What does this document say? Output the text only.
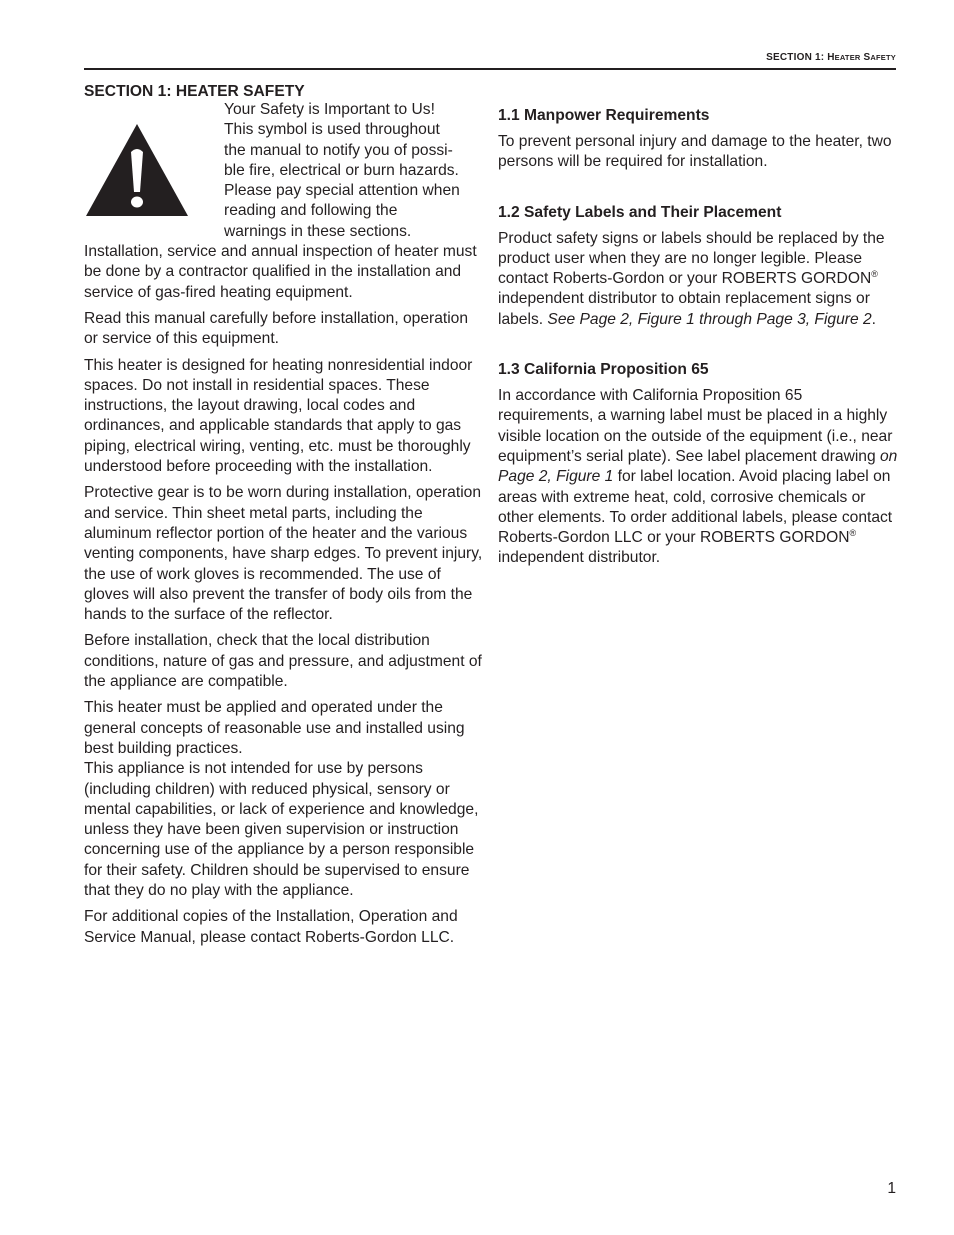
SECTION 1: HEATER SAFETY
SECTION 1: HEATER SAFETY
Your Safety is Important to Us!
This symbol is used throughout
the manual to notify you of possi-
ble fire, electrical or burn hazards.
Please pay special attention when
reading and following the
warnings in these sections.

Installation, service and annual inspection of heater must be done by a contractor qualified in the installation and service of gas-fired heating equipment.

Read this manual carefully before installation, operation or service of this equipment.

This heater is designed for heating nonresidential indoor spaces. Do not install in residential spaces. These instructions, the layout drawing, local codes and ordinances, and applicable standards that apply to gas piping, electrical wiring, venting, etc. must be thoroughly understood before proceeding with the installation.

Protective gear is to be worn during installation, operation and service. Thin sheet metal parts, including the aluminum reflector portion of the heater and the various venting components, have sharp edges. To prevent injury, the use of work gloves is recommended. The use of gloves will also prevent the transfer of body oils from the hands to the surface of the reflector.

Before installation, check that the local distribution conditions, nature of gas and pressure, and adjustment of the appliance are compatible.

This heater must be applied and operated under the general concepts of reasonable use and installed using best building practices.

This appliance is not intended for use by persons (including children) with reduced physical, sensory or mental capabilities, or lack of experience and knowledge, unless they have been given supervision or instruction concerning use of the appliance by a person responsible for their safety. Children should be supervised to ensure that they do no play with the appliance.

For additional copies of the Installation, Operation and Service Manual, please contact Roberts-Gordon LLC.

1.1 Manpower Requirements

To prevent personal injury and damage to the heater, two persons will be required for installation.

1.2 Safety Labels and Their Placement

Product safety signs or labels should be replaced by the product user when they are no longer legible. Please contact Roberts-Gordon or your ROBERTS GORDON® independent distributor to obtain replacement signs or labels. See Page 2, Figure 1 through Page 3, Figure 2.

1.3 California Proposition 65

In accordance with California Proposition 65 requirements, a warning label must be placed in a highly visible location on the outside of the equipment (i.e., near equipment’s serial plate). See label placement drawing on Page 2, Figure 1 for label location. Avoid placing label on areas with extreme heat, cold, corrosive chemicals or other elements. To order additional labels, please contact Roberts-Gordon LLC or your ROBERTS GORDON® independent distributor.

1
